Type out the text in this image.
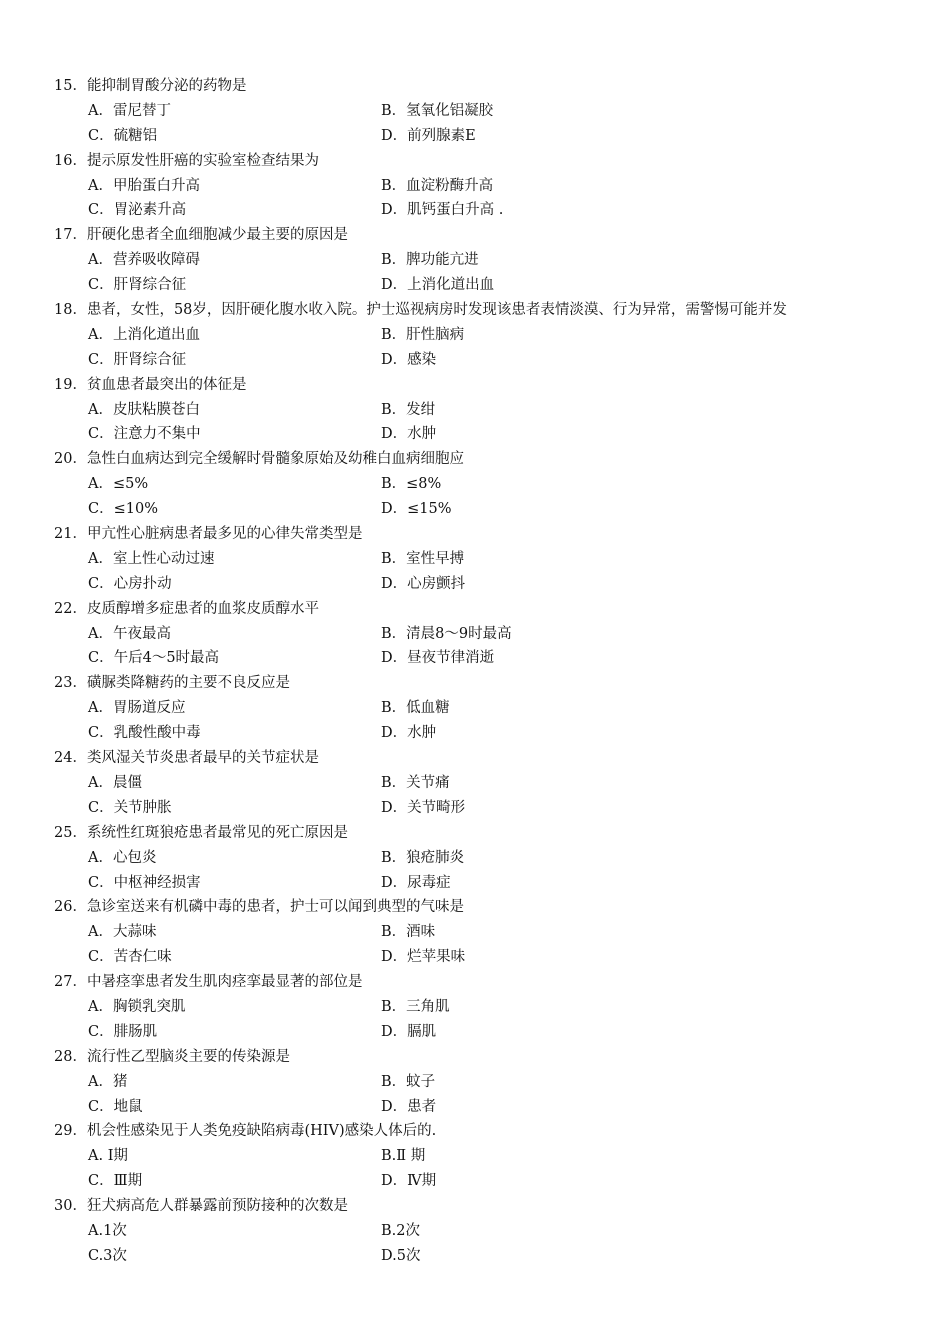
15．能抑制胃酸分泌的药物是
A．雷尼替丁	B．氢氧化铝凝胶
C．硫糖铝	D．前列腺素E
16．提示原发性肝癌的实验室检查结果为
A．甲胎蛋白升高	B．血淀粉酶升高
C．胃泌素升高	D．肌钙蛋白升高 .
17．肝硬化患者全血细胞减少最主要的原因是
A．营养吸收障碍	B．脾功能亢进
C．肝肾综合征	D．上消化道出血
18．患者，女性，58岁，因肝硬化腹水收入院。护士巡视病房时发现该患者表情淡漠、行为异常，需警惕可能并发
A．上消化道出血	B．肝性脑病
C．肝肾综合征	D．感染
19．贫血患者最突出的体征是
A．皮肤粘膜苍白	B．发绀
C．注意力不集中	D．水肿
20．急性白血病达到完全缓解时骨髓象原始及幼稚白血病细胞应
A．≤5%	B．≤8%
C．≤10%	D．≤15%
21．甲亢性心脏病患者最多见的心律失常类型是
A．室上性心动过速	B．室性早搏
C．心房扑动	D．心房颤抖
22．皮质醇增多症患者的血浆皮质醇水平
A．午夜最高	B．清晨8～9时最高
C．午后4～5时最高	D．昼夜节律消逝
23．磺脲类降糖药的主要不良反应是
A．胃肠道反应	B．低血糖
C．乳酸性酸中毒	D．水肿
24．类风湿关节炎患者最早的关节症状是
A．晨僵	B．关节痛
C．关节肿胀	D．关节畸形
25．系统性红斑狼疮患者最常见的死亡原因是
A．心包炎	B．狼疮肺炎
C．中枢神经损害	D．尿毒症
26．急诊室送来有机磷中毒的患者，护士可以闻到典型的气味是
A．大蒜味	B．酒味
C．苦杏仁味	D．烂苹果味
27．中暑痉挛患者发生肌肉痉挛最显著的部位是
A．胸锁乳突肌	B．三角肌
C．腓肠肌	D．膈肌
28．流行性乙型脑炎主要的传染源是
A．猪	B．蚊子
C．地鼠	D．患者
29．机会性感染见于人类免疫缺陷病毒(HIV)感染人体后的.
A. Ⅰ期	B.Ⅱ 期
C．Ⅲ期	D．Ⅳ期
30．狂犬病高危人群暴露前预防接种的次数是
A.1次	B.2次
C.3次	D.5次
